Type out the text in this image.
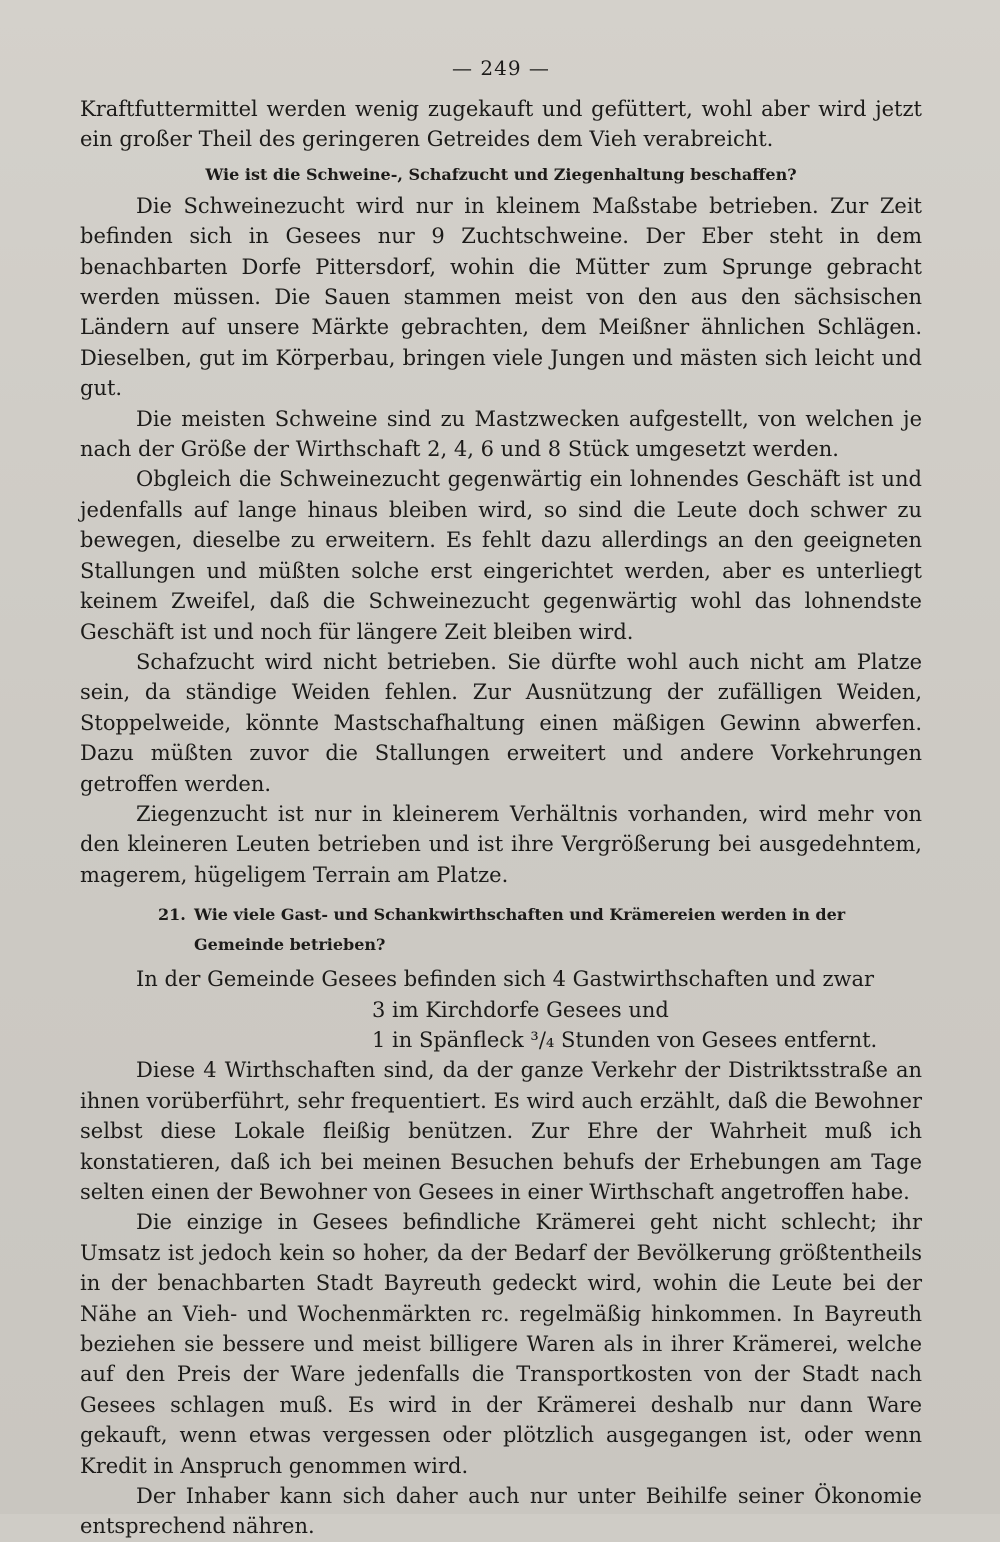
— 249 —

Kraftfuttermittel werden wenig zugekauft und gefüttert, wohl aber wird jetzt ein großer Theil des geringeren Getreides dem Vieh verabreicht.

Wie ist die Schweine-, Schafzucht und Ziegenhaltung beschaffen?

Die Schweinezucht wird nur in kleinem Maßstabe betrieben. Zur Zeit befinden sich in Gesees nur 9 Zuchtschweine. Der Eber steht in dem benachbarten Dorfe Pittersdorf, wohin die Mütter zum Sprunge gebracht werden müssen. Die Sauen stammen meist von den aus den sächsischen Ländern auf unsere Märkte gebrachten, dem Meißner ähnlichen Schlägen. Dieselben, gut im Körperbau, bringen viele Jungen und mästen sich leicht und gut.

Die meisten Schweine sind zu Mastzwecken aufgestellt, von welchen je nach der Größe der Wirthschaft 2, 4, 6 und 8 Stück umgesetzt werden.

Obgleich die Schweinezucht gegenwärtig ein lohnendes Geschäft ist und jedenfalls auf lange hinaus bleiben wird, so sind die Leute doch schwer zu bewegen, dieselbe zu erweitern. Es fehlt dazu allerdings an den geeigneten Stallungen und müßten solche erst eingerichtet werden, aber es unterliegt keinem Zweifel, daß die Schweinezucht gegenwärtig wohl das lohnendste Geschäft ist und noch für längere Zeit bleiben wird.

Schafzucht wird nicht betrieben. Sie dürfte wohl auch nicht am Platze sein, da ständige Weiden fehlen. Zur Ausnützung der zufälligen Weiden, Stoppelweide, könnte Mastschafhaltung einen mäßigen Gewinn abwerfen. Dazu müßten zuvor die Stallungen erweitert und andere Vorkehrungen getroffen werden.

Ziegenzucht ist nur in kleinerem Verhältnis vorhanden, wird mehr von den kleineren Leuten betrieben und ist ihre Vergrößerung bei ausgedehntem, magerem, hügeligem Terrain am Platze.

21. Wie viele Gast- und Schankwirthschaften und Krämereien werden in der Gemeinde betrieben?

In der Gemeinde Gesees befinden sich 4 Gastwirthschaften und zwar

3 im Kirchdorfe Gesees und

1 in Spänfleck ³/₄ Stunden von Gesees entfernt.

Diese 4 Wirthschaften sind, da der ganze Verkehr der Distriktsstraße an ihnen vorüberführt, sehr frequentiert. Es wird auch erzählt, daß die Bewohner selbst diese Lokale fleißig benützen. Zur Ehre der Wahrheit muß ich konstatieren, daß ich bei meinen Besuchen behufs der Erhebungen am Tage selten einen der Bewohner von Gesees in einer Wirthschaft angetroffen habe.

Die einzige in Gesees befindliche Krämerei geht nicht schlecht; ihr Umsatz ist jedoch kein so hoher, da der Bedarf der Bevölkerung größtentheils in der benachbarten Stadt Bayreuth gedeckt wird, wohin die Leute bei der Nähe an Vieh- und Wochenmärkten rc. regelmäßig hinkommen. In Bayreuth beziehen sie bessere und meist billigere Waren als in ihrer Krämerei, welche auf den Preis der Ware jedenfalls die Transportkosten von der Stadt nach Gesees schlagen muß. Es wird in der Krämerei deshalb nur dann Ware gekauft, wenn etwas vergessen oder plötzlich ausgegangen ist, oder wenn Kredit in Anspruch genommen wird.

Der Inhaber kann sich daher auch nur unter Beihilfe seiner Ökonomie entsprechend nähren.
